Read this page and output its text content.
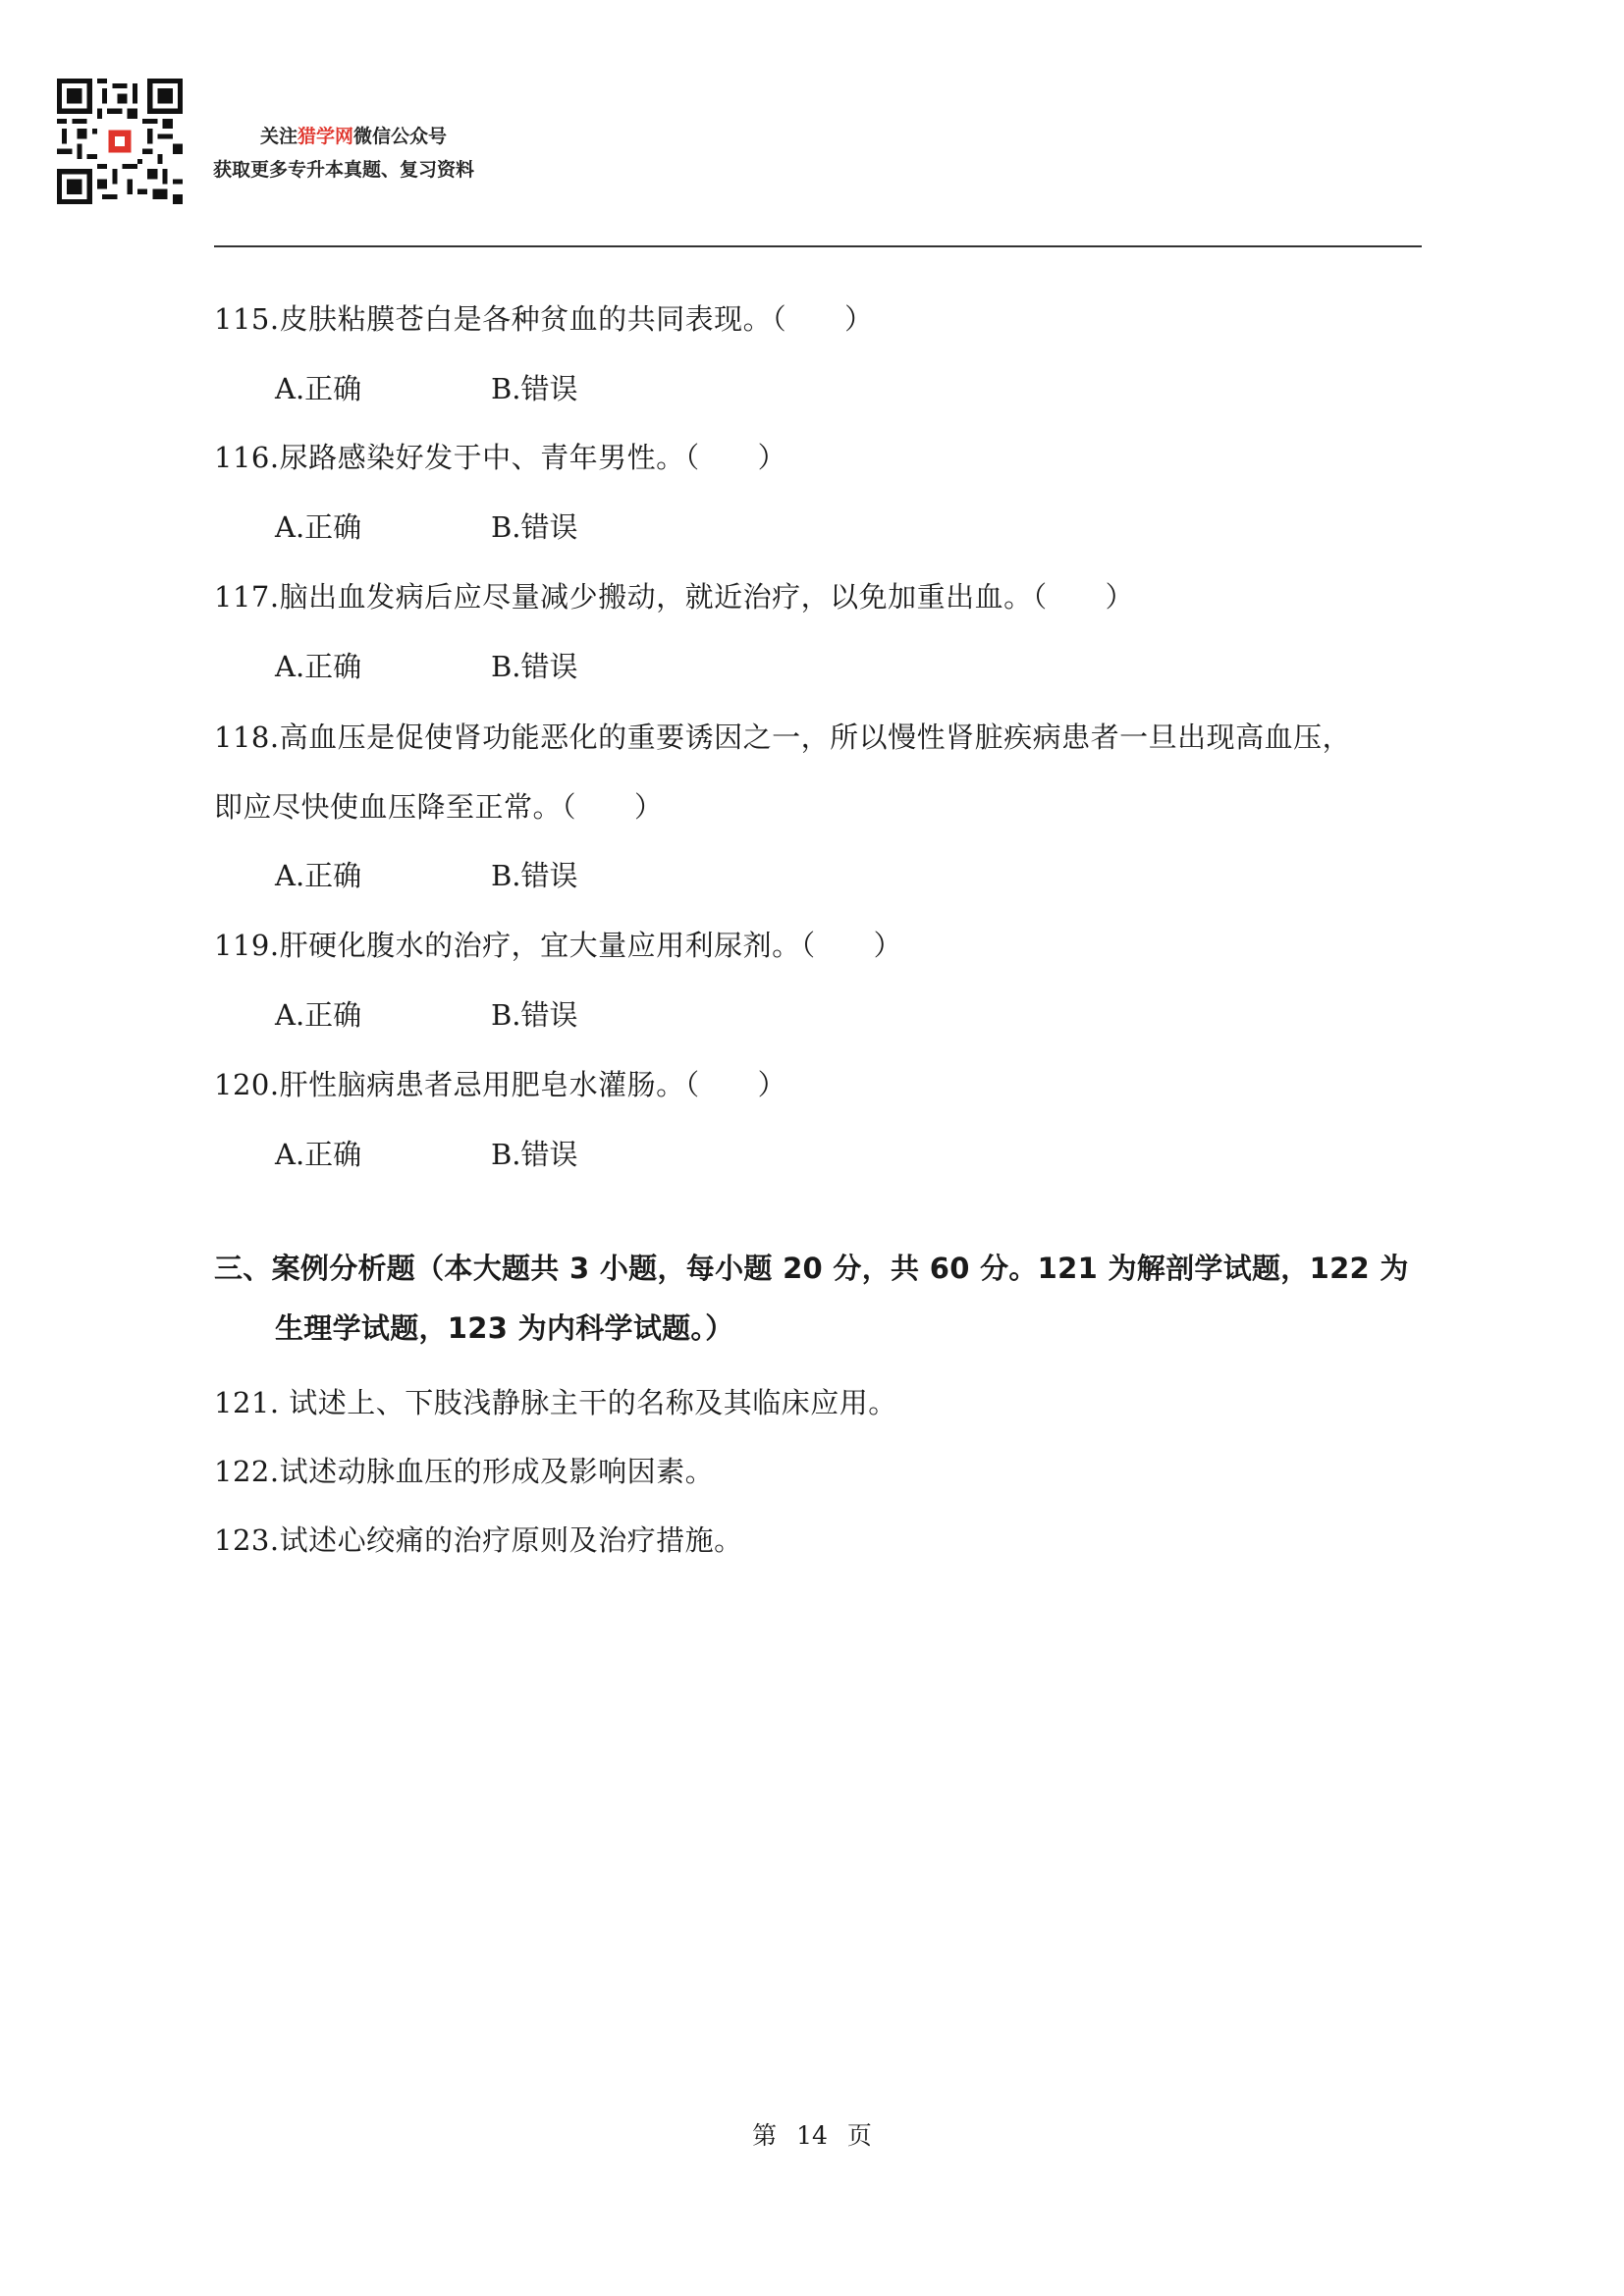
关注猎学网微信公众号
获取更多专升本真题、复习资料
115.皮肤粘膜苍白是各种贫血的共同表现。（　　）
A.正确	B.错误
116.尿路感染好发于中、青年男性。（　　）
A.正确	B.错误
117.脑出血发病后应尽量减少搬动，就近治疗，以免加重出血。（　　）
A.正确	B.错误
118.高血压是促使肾功能恶化的重要诱因之一，所以慢性肾脏疾病患者一旦出现高血压，
即应尽快使血压降至正常。（　　）
A.正确	B.错误
119.肝硬化腹水的治疗，宜大量应用利尿剂。（　　）
A.正确	B.错误
120.肝性脑病患者忌用肥皂水灌肠。（　　）
A.正确	B.错误
三、案例分析题（本大题共 3 小题，每小题 20 分，共 60 分。121 为解剖学试题，122 为
生理学试题，123 为内科学试题。）
121. 试述上、下肢浅静脉主干的名称及其临床应用。
122.试述动脉血压的形成及影响因素。
123.试述心绞痛的治疗原则及治疗措施。
第 14 页
